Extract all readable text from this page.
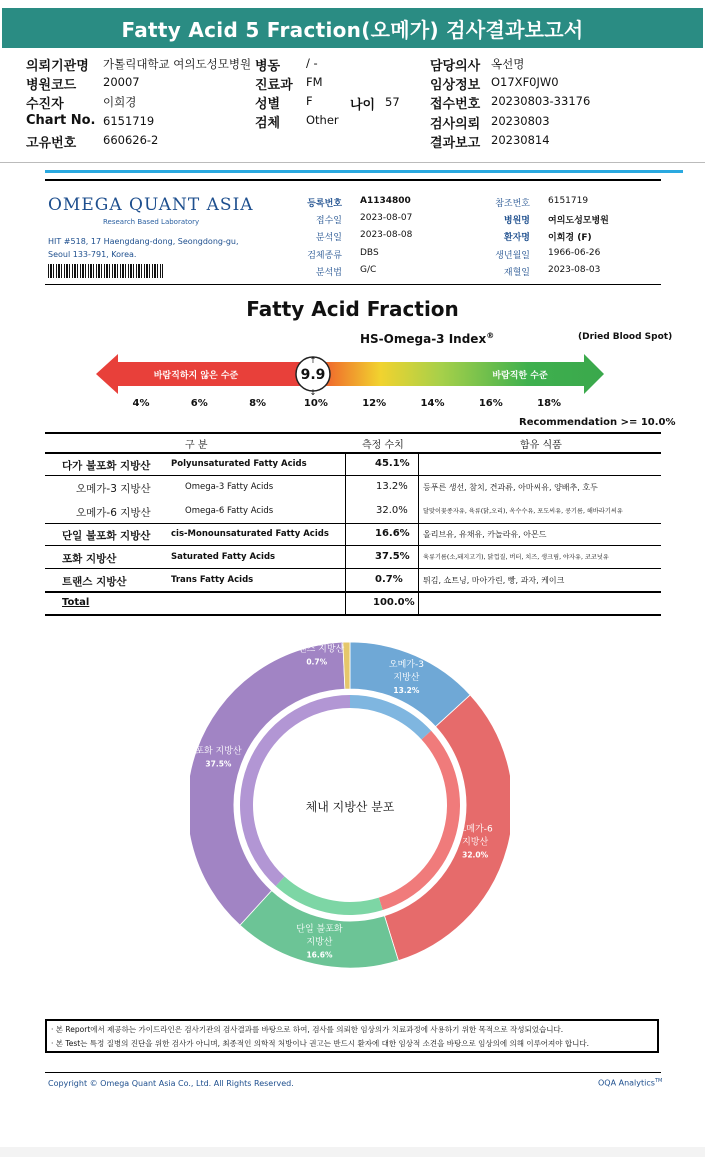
Fatty Acid 5 Fraction(오메가) 검사결과보고서
의뢰기관명 가톨릭대학교 여의도성모병원
병원코드 20007
수진자	이희경
Chart No. 6151719
고유번호 660626-2
병동 / -
진료과 FM
성별 F
검체 Other
담당의사 옥선명
임상정보 O17XF0JW0
접수번호 20230803-33176
검사의뢰 20230803
결과보고 20230814
나이 57
OMEGA QUANT ASIA
Research Based Laboratory
HIT #518, 17 Haengdang-dong, Seongdong-gu,
Seoul 133-791, Korea.
등록번호 A1134800
접수일 2023-08-07
분석일 2023-08-08
검체종류 DBS
분석법 G/C
참조번호 6151719
병원명 여의도성모병원
환자명 이희경 (F)
생년월일 1966-06-26
재혈일 2023-08-03
Fatty Acid Fraction
HS-Omega-3 Index®	(Dried Blood Spot)
바람직하지 않은 수준	바람직한 수준
9.9
↑
↓
4%	6%	8%	10%	12%	14%	16%	18%
Recommendation >= 10.0%
구 분	측정 수치	함유 식품
다가 불포화 지방산 Polyunsaturated Fatty Acids	45.1%
오메가-3 지방산	Omega-3 Fatty Acids	13.2% 등푸른 생선, 참치, 견과류, 아마씨유, 양배추, 호두
오메가-6 지방산	Omega-6 Fatty Acids	32.0% 달맞이꽃종자유, 육류(닭,오리), 옥수수유, 포도씨유, 콩기름, 해바라기씨유
단일 불포화 지방산 cis-Monounsaturated Fatty Acids	16.6% 올리브유, 유채유, 카놀라유, 아몬드
포화 지방산	Saturated Fatty Acids	37.5% 육류기름(소,돼지고기), 닭껍질, 버터, 치즈, 생크림, 야자유, 코코넛유
트랜스 지방산	Trans Fatty Acids	0.7%	튀김, 쇼트닝, 마아가린, 빵, 과자, 케이크
Total	100.0%
체내 지방산 분포
오메가-3
지방산
13.2%
오메가-6
지방산
32.0%
단일 불포화
지방산
16.6%
포화 지방산
37.5%
트랜스 지방산
0.7%
· 본 Report에서 제공하는 가이드라인은 검사기관의 검사결과를 바탕으로 하여, 검사를 의뢰한 임상의가 치료과정에 사용하기 위한 목적으로 작성되었습니다.
· 본 Test는 특정 질병의 진단을 위한 검사가 아니며, 최종적인 의학적 처방이나 권고는 반드시 환자에 대한 임상적 소견을 바탕으로 임상의에 의해 이루어져야 합니다.
Copyright © Omega Quant Asia Co., Ltd. All Rights Reserved.	OQA Analytics™
